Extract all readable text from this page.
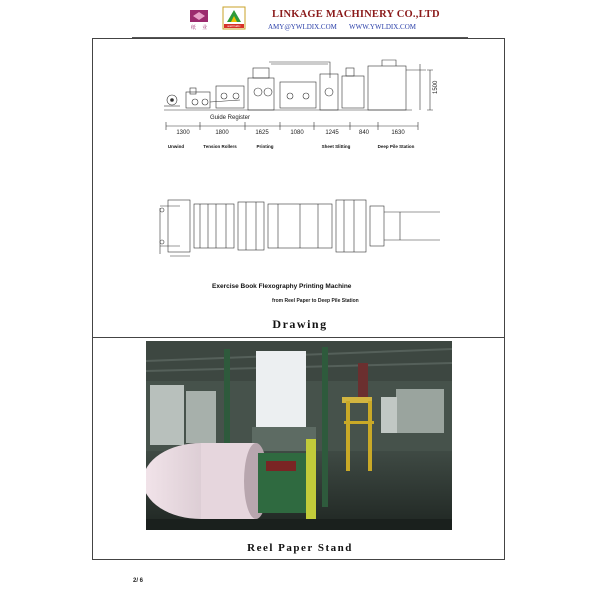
纸    业	wellmatic
LINKAGE MACHINERY CO.,LTD
AMY@YWLDIX.COM WWW.YWLDIX.COM
Guide Register
1500
1300	1800	1625	1080	1245	840	1630
Unwind	Tension Rollers	Printing	Sheet Slitting	Deep Pile Station
Exercise Book Flexography Printing Machine
from Reel Paper to Deep Pile Station
Drawing
Reel Paper Stand
2/ 6
